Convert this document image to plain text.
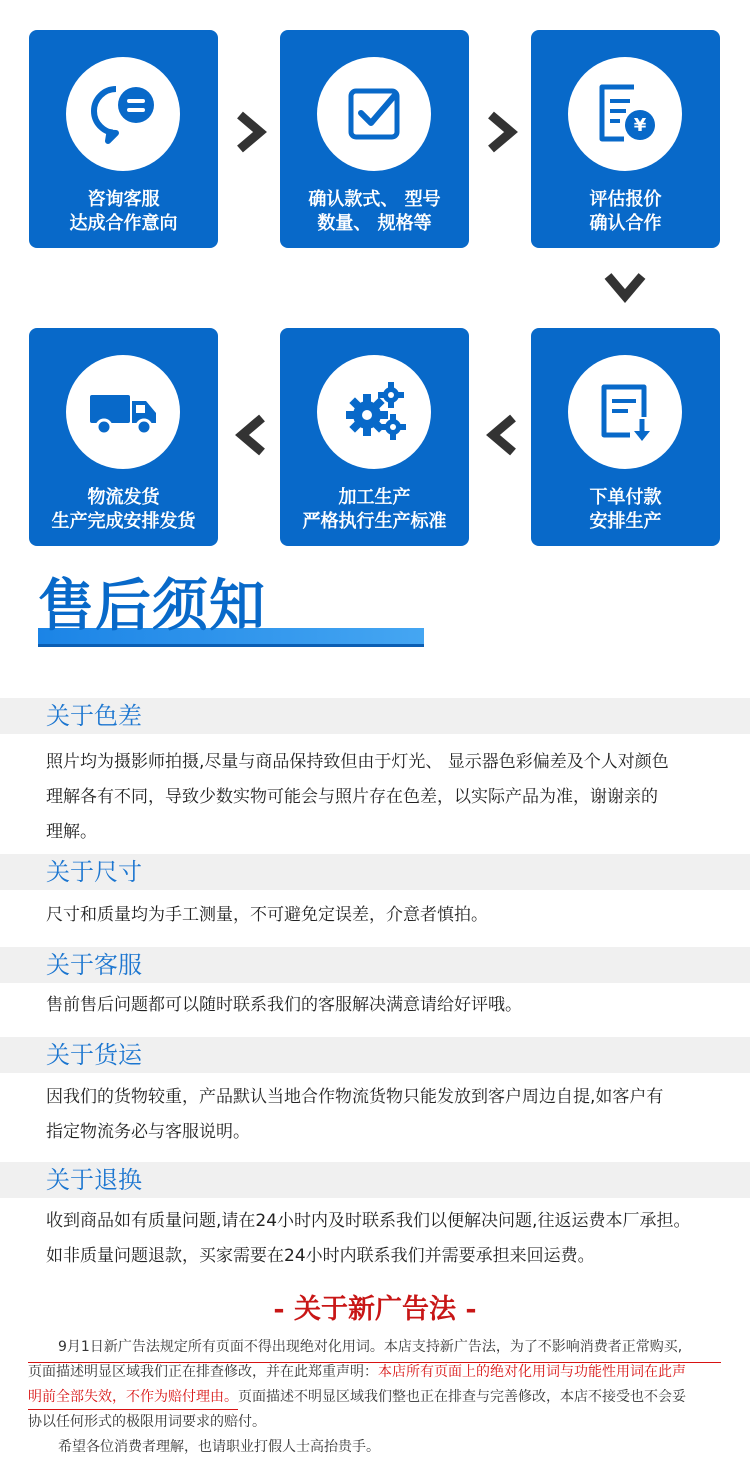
咨询客服
达成合作意向
确认款式、 型号
数量、 规格等
¥
评估报价
确认合作
下单付款
安排生产
加工生产
严格执行生产标准
物流发货
生产完成安排发货
售后须知
关于色差
照片均为摄影师拍摄,尽量与商品保持致但由于灯光、 显示器色彩偏差及个人对颜色
理解各有不同，导致少数实物可能会与照片存在色差，以实际产品为准，谢谢亲的
理解。
关于尺寸
尺寸和质量均为手工测量，不可避免定误差，介意者慎拍。
关于客服
售前售后问题都可以随时联系我们的客服解决满意请给好评哦。
关于货运
因我们的货物较重，产品默认当地合作物流货物只能发放到客户周边自提,如客户有
指定物流务必与客服说明。
关于退换
收到商品如有质量问题,请在24小时内及时联系我们以便解决问题,往返运费本厂承担。
如非质量问题退款，买家需要在24小时内联系我们并需要承担来回运费。
- 关于新广告法 -
9月1日新广告法规定所有页面不得出现绝对化用词。本店支持新广告法，为了不影响消费者正常购买,
页面描述明显区域我们正在排查修改，并在此郑重声明：本店所有页面上的绝对化用词与功能性用词在此声
明前全部失效，不作为赔付理由。页面描述不明显区域我们整也正在排查与完善修改，本店不接受也不会妥
协以任何形式的极限用词要求的赔付。
希望各位消费者理解，也请职业打假人士高抬贵手。
